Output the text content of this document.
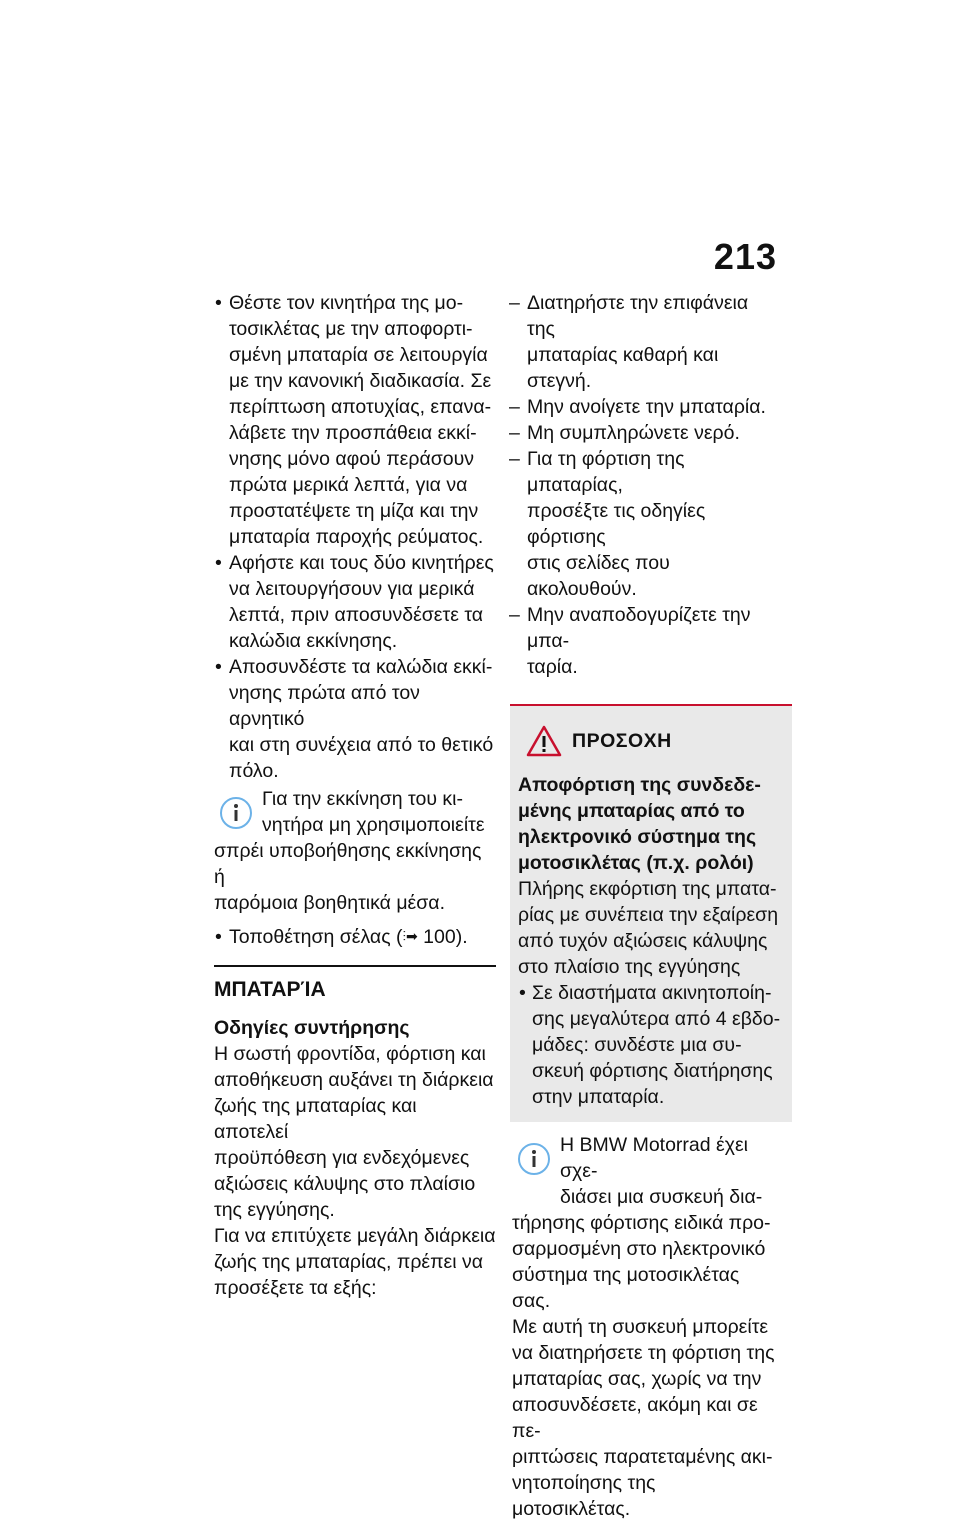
213
• Θέστε τον κινητήρα της μο-
τοσικλέτας με την αποφορτι-
σμένη μπαταρία σε λειτουργία
με την κανονική διαδικασία. Σε
περίπτωση αποτυχίας, επανα-
λάβετε την προσπάθεια εκκί-
νησης μόνο αφού περάσουν
πρώτα μερικά λεπτά, για να
προστατέψετε τη μίζα και την
μπαταρία παροχής ρεύματος.
• Αφήστε και τους δύο κινητήρες
να λειτουργήσουν για μερικά
λεπτά, πριν αποσυνδέσετε τα
καλώδια εκκίνησης.
• Αποσυνδέστε τα καλώδια εκκί-
νησης πρώτα από τον αρνητικό
και στη συνέχεια από το θετικό
πόλο.
Για την εκκίνηση του κι-
νητήρα μη χρησιμοποιείτε
σπρέι υποβοήθησης εκκίνησης ή
παρόμοια βοηθητικά μέσα.
• Τοποθέτηση σέλας (⫶➡ 100).
ΜΠΑΤΑΡΊΑ
Οδηγίες συντήρησης
Η σωστή φροντίδα, φόρτιση και
αποθήκευση αυξάνει τη διάρκεια
ζωής της μπαταρίας και αποτελεί
προϋπόθεση για ενδεχόμενες
αξιώσεις κάλυψης στο πλαίσιο
της εγγύησης.
Για να επιτύχετε μεγάλη διάρκεια
ζωής της μπαταρίας, πρέπει να
προσέξετε τα εξής:
– Διατηρήστε την επιφάνεια της
μπαταρίας καθαρή και στεγνή.
– Μην ανοίγετε την μπαταρία.
– Μη συμπληρώνετε νερό.
– Για τη φόρτιση της μπαταρίας,
προσέξτε τις οδηγίες φόρτισης
στις σελίδες που ακολουθούν.
– Μην αναποδογυρίζετε την μπα-
ταρία.
ΠΡΟΣΟΧΗ
Αποφόρτιση της συνδεδε-
μένης μπαταρίας από το
ηλεκτρονικό σύστημα της
μοτοσικλέτας (π.χ. ρολόι)
Πλήρης εκφόρτιση της μπατα-
ρίας με συνέπεια την εξαίρεση
από τυχόν αξιώσεις κάλυψης
στο πλαίσιο της εγγύησης
• Σε διαστήματα ακινητοποίη-
σης μεγαλύτερα από 4 εβδο-
μάδες: συνδέστε μια συ-
σκευή φόρτισης διατήρησης
στην μπαταρία.
Η BMW Motorrad έχει σχε-
διάσει μια συσκευή δια-
τήρησης φόρτισης ειδικά προ-
σαρμοσμένη στο ηλεκτρονικό
σύστημα της μοτοσικλέτας σας.
Με αυτή τη συσκευή μπορείτε
να διατηρήσετε τη φόρτιση της
μπαταρίας σας, χωρίς να την
αποσυνδέσετε, ακόμη και σε πε-
ριπτώσεις παρατεταμένης ακι-
νητοποίησης της μοτοσικλέτας.
